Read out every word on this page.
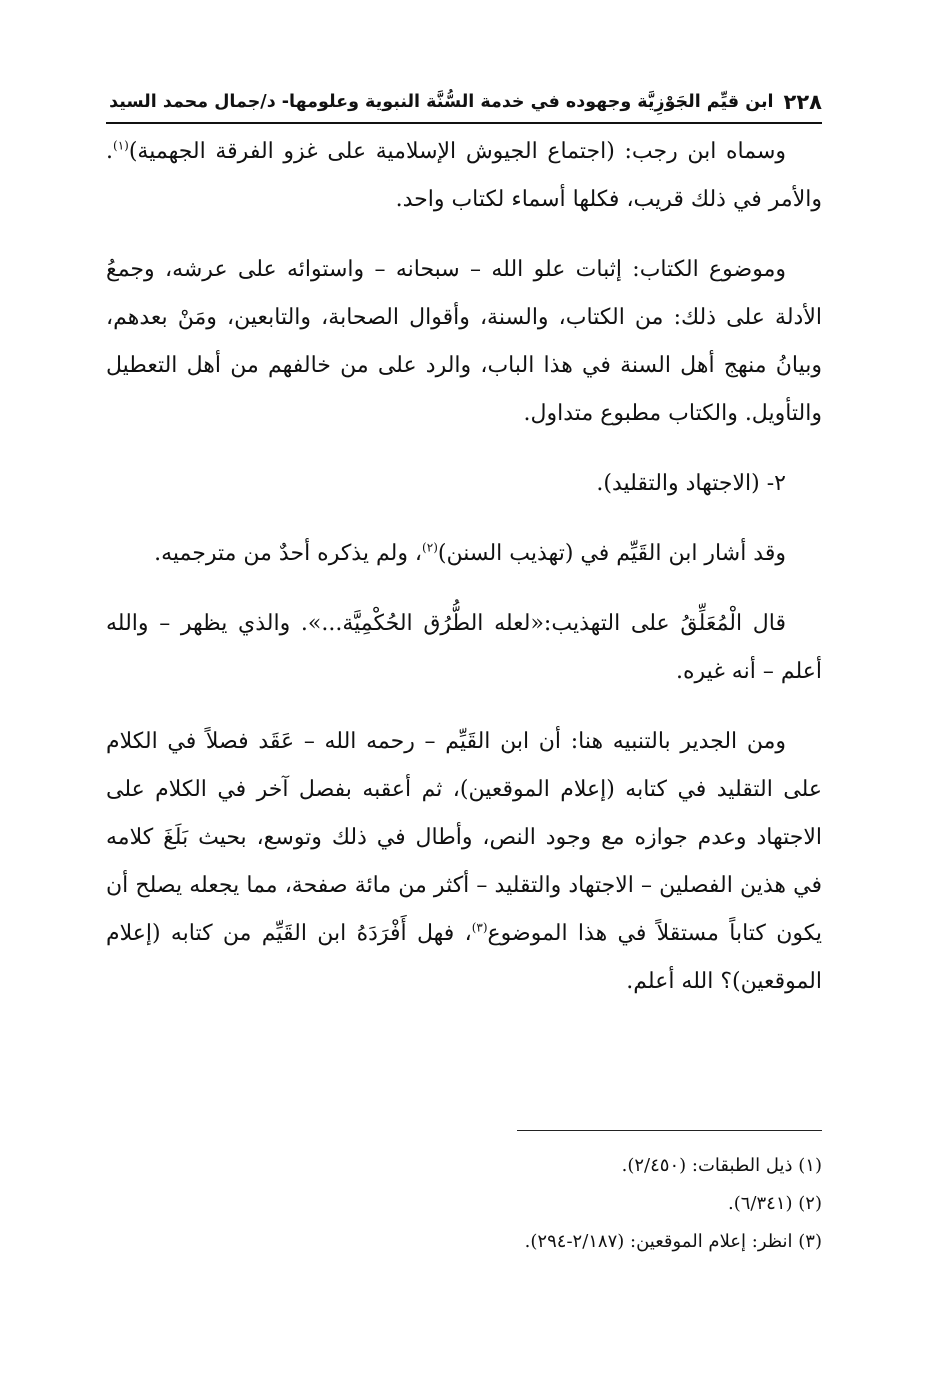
٢٢٨
ابن قيِّم الجَوْزِيَّة وجهوده في خدمة السُّنَّة النبوية وعلومها- د/جمال محمد السيد

وسماه ابن رجب: (اجتماع الجيوش الإسلامية على غزو الفرقة الجهمية)$^{(١)}$. والأمر في ذلك قريب، فكلها أسماء لكتاب واحد.

وموضوع الكتاب: إثبات علو الله – سبحانه – واستوائه على عرشه، وجمعُ الأدلة على ذلك: من الكتاب، والسنة، وأقوال الصحابة، والتابعين، ومَنْ بعدهم، وبيانُ منهج أهل السنة في هذا الباب، والرد على من خالفهم من أهل التعطيل والتأويل. والكتاب مطبوع متداول.

٢- (الاجتهاد والتقليد).

وقد أشار ابن القَيِّم في (تهذيب السنن)$^{(٢)}$، ولم يذكره أحدٌ من مترجميه.

قال الْمُعَلِّقُ على التهذيب:«لعله الطُّرُق الحُكْمِيَّة...». والذي يظهر – والله أعلم – أنه غيره.

ومن الجدير بالتنبيه هنا: أن ابن القَيِّم – رحمه الله – عَقَد فصلاً في الكلام على التقليد في كتابه (إعلام الموقعين)، ثم أعقبه بفصل آخر في الكلام على الاجتهاد وعدم جوازه مع وجود النص، وأطال في ذلك وتوسع، بحيث بَلَغَ كلامه في هذين الفصلين – الاجتهاد والتقليد – أكثر من مائة صفحة، مما يجعله يصلح أن يكون كتاباً مستقلاً في هذا الموضوع$^{(٣)}$، فهل أَفْرَدَهُ ابن القَيِّم من كتابه (إعلام الموقعين)؟ الله أعلم.

(١) ذيل الطبقات: (٢/٤٥٠).

(٢) (٦/٣٤١).

(٣) انظر: إعلام الموقعين: (٢/١٨٧-٢٩٤).
